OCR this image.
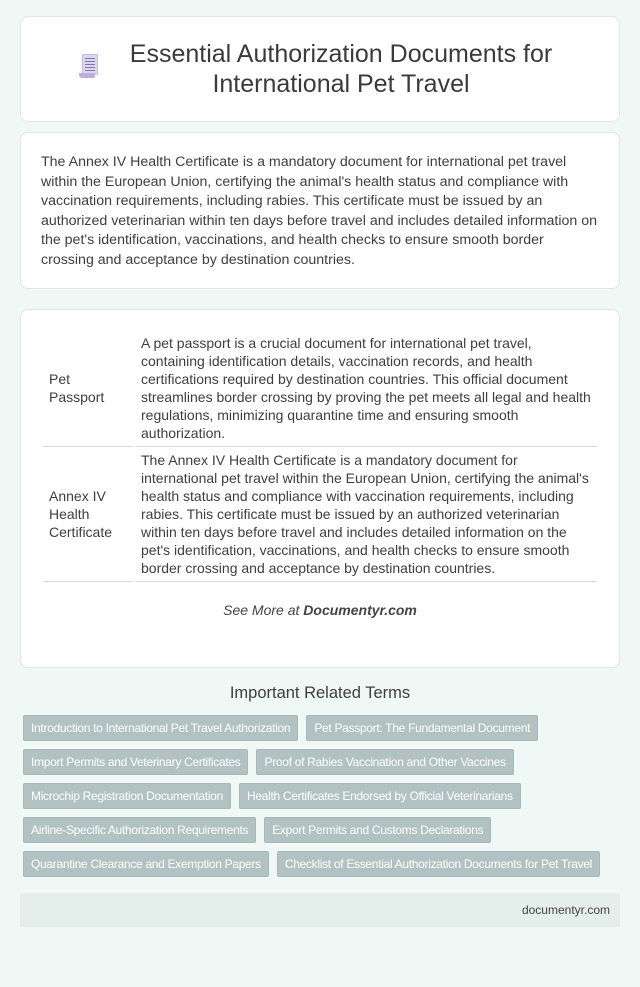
Essential Authorization Documents for International Pet Travel

The Annex IV Health Certificate is a mandatory document for international pet travel within the European Union, certifying the animal's health status and compliance with vaccination requirements, including rabies. This certificate must be issued by an authorized veterinarian within ten days before travel and includes detailed information on the pet's identification, vaccinations, and health checks to ensure smooth border crossing and acceptance by destination countries.

Pet Passport	A pet passport is a crucial document for international pet travel, containing identification details, vaccination records, and health certifications required by destination countries. This official document streamlines border crossing by proving the pet meets all legal and health regulations, minimizing quarantine time and ensuring smooth authorization.
Annex IV Health Certificate	The Annex IV Health Certificate is a mandatory document for international pet travel within the European Union, certifying the animal's health status and compliance with vaccination requirements, including rabies. This certificate must be issued by an authorized veterinarian within ten days before travel and includes detailed information on the pet's identification, vaccinations, and health checks to ensure smooth border crossing and acceptance by destination countries.
See More at Documentyr.com
Important Related Terms
Introduction to International Pet Travel Authorization	Pet Passport: The Fundamental Document
Import Permits and Veterinary Certificates	Proof of Rabies Vaccination and Other Vaccines
Microchip Registration Documentation	Health Certificates Endorsed by Official Veterinarians
Airline-Specific Authorization Requirements	Export Permits and Customs Declarations
Quarantine Clearance and Exemption Papers	Checklist of Essential Authorization Documents for Pet Travel
documentyr.com
